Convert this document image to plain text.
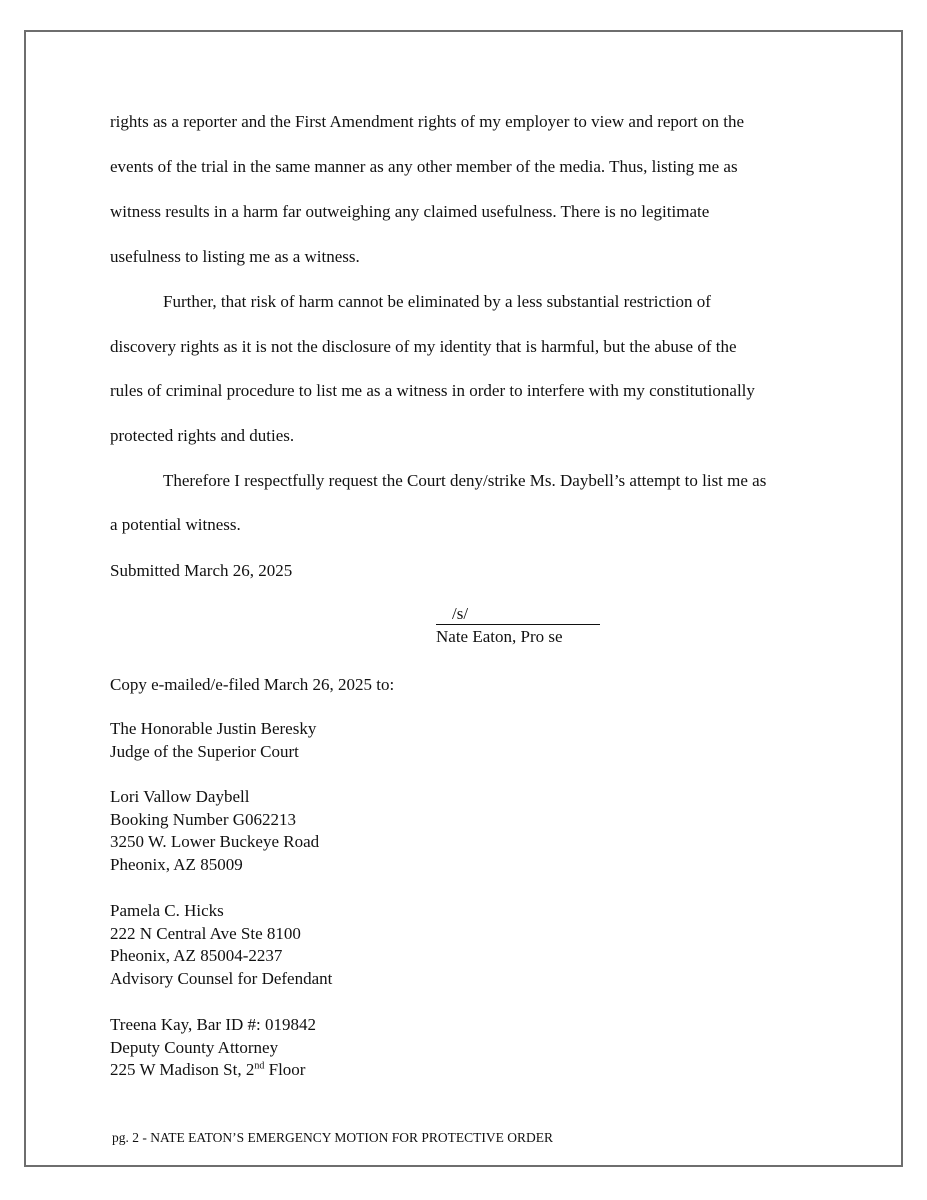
rights as a reporter and the First Amendment rights of my employer to view and report on the
events of the trial in the same manner as any other member of the media. Thus, listing me as
witness results in a harm far outweighing any claimed usefulness. There is no legitimate
usefulness to listing me as a witness.
Further, that risk of harm cannot be eliminated by a less substantial restriction of
discovery rights as it is not the disclosure of my identity that is harmful, but the abuse of the
rules of criminal procedure to list me as a witness in order to interfere with my constitutionally
protected rights and duties.
Therefore I respectfully request the Court deny/strike Ms. Daybell’s attempt to list me as
a potential witness.
Submitted March 26, 2025
/s/
Nate Eaton, Pro se
Copy e-mailed/e-filed March 26, 2025 to:
The Honorable Justin Beresky
Judge of the Superior Court
Lori Vallow Daybell
Booking Number G062213
3250 W. Lower Buckeye Road
Pheonix, AZ 85009
Pamela C. Hicks
222 N Central Ave Ste 8100
Pheonix, AZ 85004-2237
Advisory Counsel for Defendant
Treena Kay, Bar ID #: 019842
Deputy County Attorney
225 W Madison St, 2nd Floor
pg. 2 - NATE EATON’S EMERGENCY MOTION FOR PROTECTIVE ORDER
